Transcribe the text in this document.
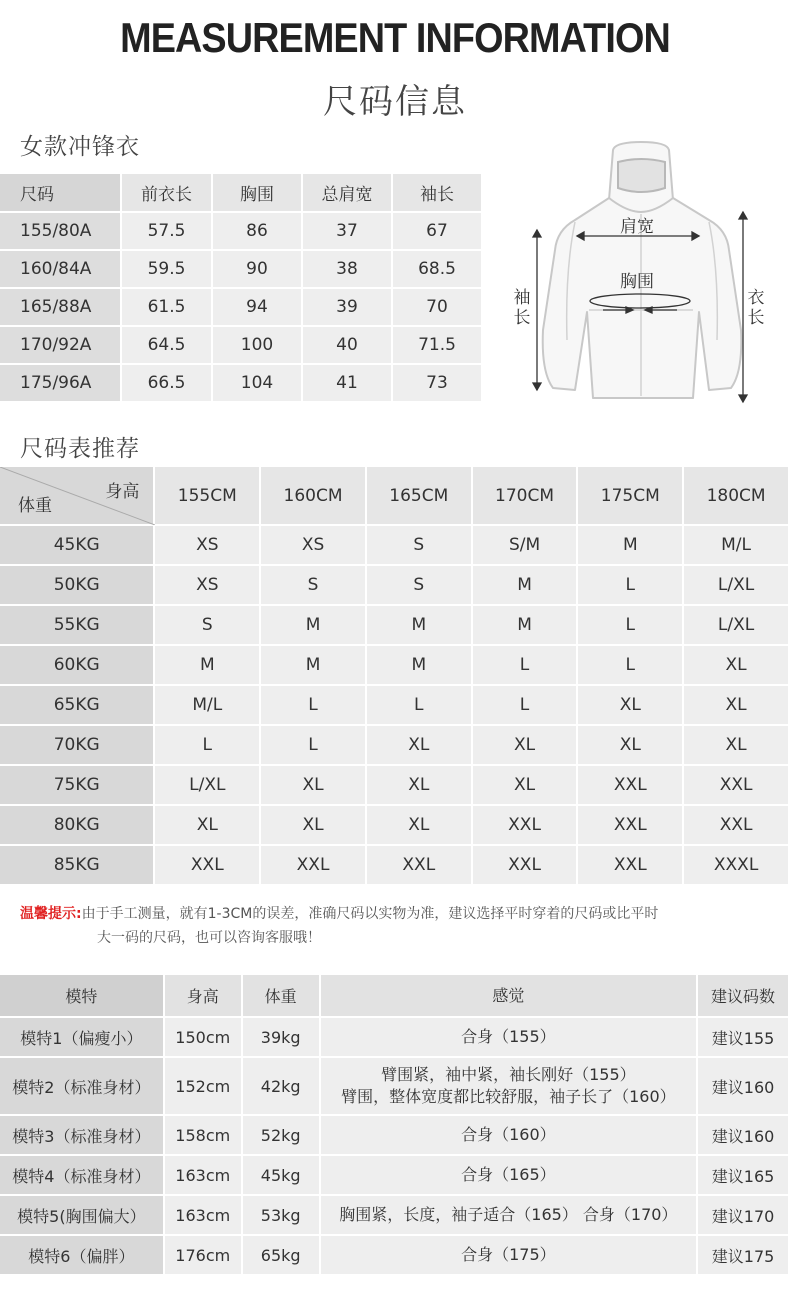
MEASUREMENT INFORMATION
尺码信息
女款冲锋衣
尺码	前衣长	胸围	总肩宽	袖长
155/80A	57.5	86	37	67
160/84A	59.5	90	38	68.5
165/88A	61.5	94	39	70
170/92A	64.5	100	40	71.5
175/96A	66.5	104	41	73
肩宽
胸围
袖长
衣长
尺码表推荐
身高
体重	155CM	160CM	165CM	170CM	175CM	180CM
45KG	XS	XS	S	S/M	M	M/L
50KG	XS	S	S	M	L	L/XL
55KG	S	M	M	M	L	L/XL
60KG	M	M	M	L	L	XL
65KG	M/L	L	L	L	XL	XL
70KG	L	L	XL	XL	XL	XL
75KG	L/XL	XL	XL	XL	XXL	XXL
80KG	XL	XL	XL	XXL	XXL	XXL
85KG	XXL	XXL	XXL	XXL	XXL	XXXL
温馨提示:由于手工测量，就有1-3CM的误差，准确尺码以实物为准，建议选择平时穿着的尺码或比平时
大一码的尺码，也可以咨询客服哦！
模特	身高	体重	感觉	建议码数
模特1（偏瘦小）	150cm	39kg	合身（155）	建议155
模特2（标准身材）	152cm	42kg	臂围紧，袖中紧，袖长刚好（155）
臂围，整体宽度都比较舒服，袖子长了（160）	建议160
模特3（标准身材）	158cm	52kg	合身（160）	建议160
模特4（标准身材）	163cm	45kg	合身（165）	建议165
模特5(胸围偏大）	163cm	53kg	胸围紧，长度，袖子适合（165） 合身（170）	建议170
模特6（偏胖）	176cm	65kg	合身（175）	建议175
